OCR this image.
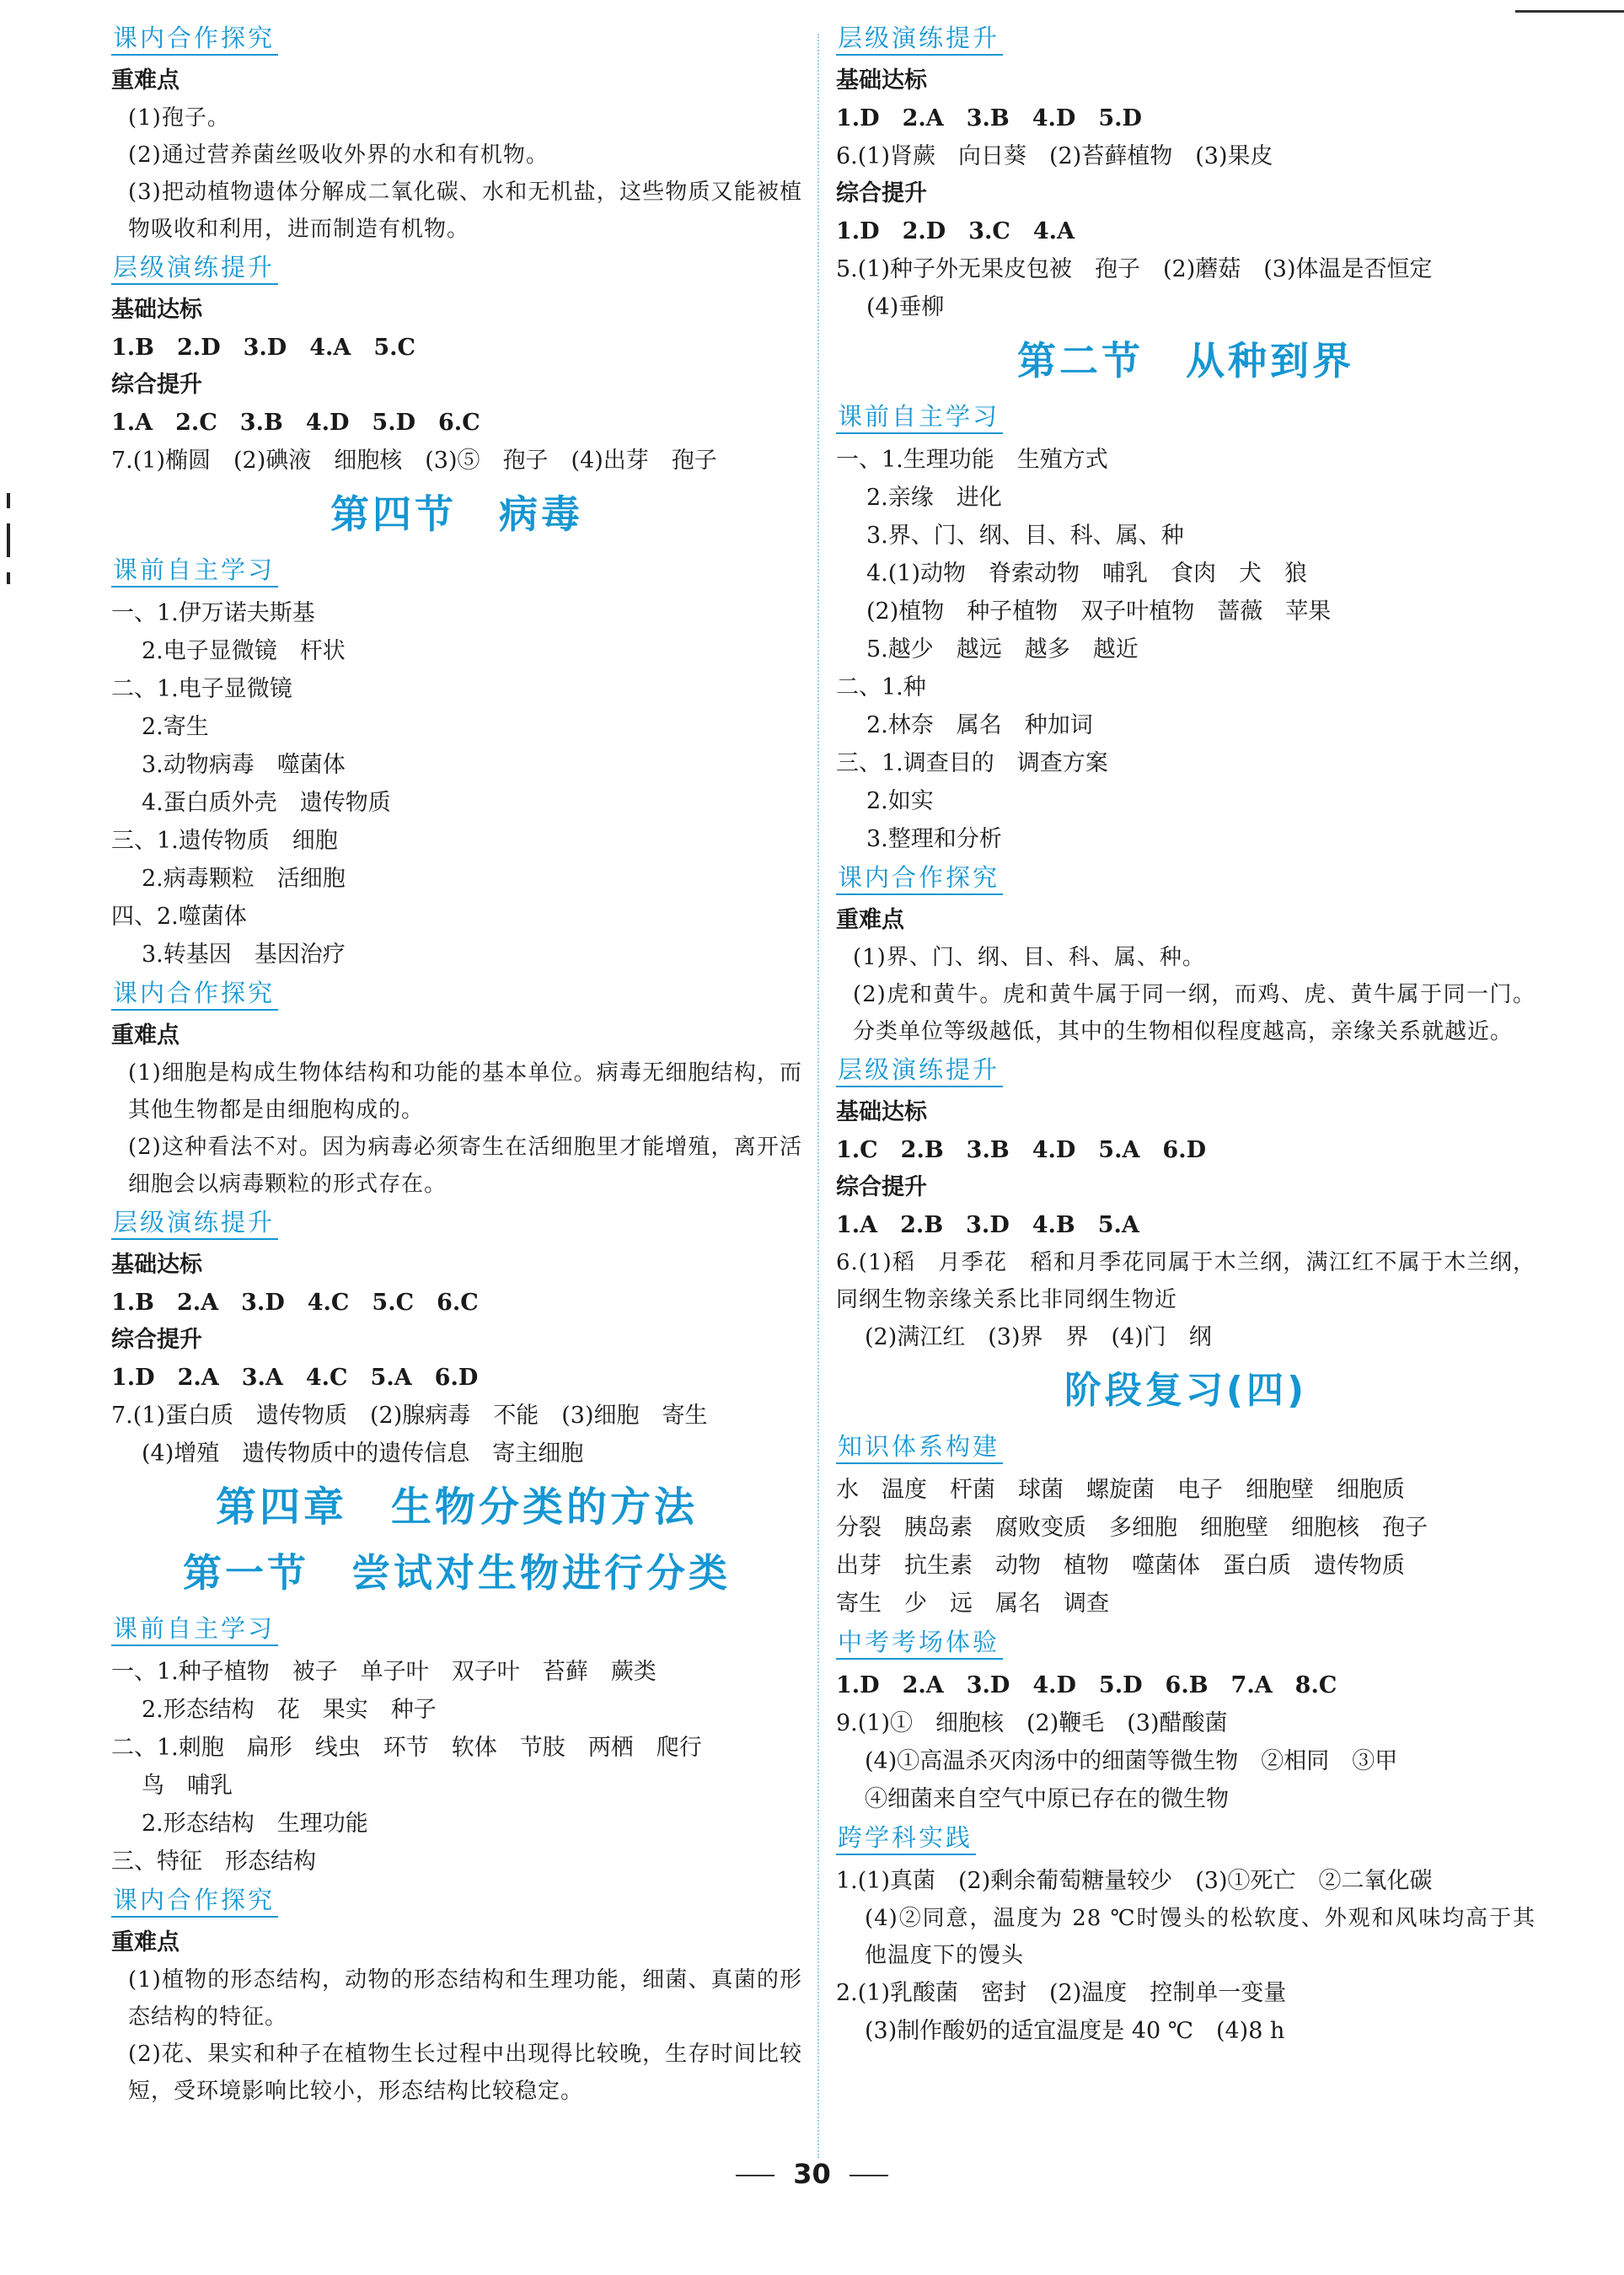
课内合作探究
重难点

(1)孢子。

(2)通过营养菌丝吸收外界的水和有机物。

(3)把动植物遗体分解成二氧化碳、水和无机盐，这些物质又能被植物吸收和利用，进而制造有机物。

层级演练提升
基础达标
1.B　2.D　3.D　4.A　5.C
综合提升
1.A　2.C　3.B　4.D　5.D　6.C
7.(1)椭圆　(2)碘液　细胞核　(3)⑤　孢子　(4)出芽　孢子
第四节　病毒
课前自主学习
一、1.伊万诺夫斯基
2.电子显微镜　杆状
二、1.电子显微镜
2.寄生
3.动物病毒　噬菌体
4.蛋白质外壳　遗传物质
三、1.遗传物质　细胞
2.病毒颗粒　活细胞
四、2.噬菌体
3.转基因　基因治疗
课内合作探究
重难点

(1)细胞是构成生物体结构和功能的基本单位。病毒无细胞结构，而其他生物都是由细胞构成的。

(2)这种看法不对。因为病毒必须寄生在活细胞里才能增殖，离开活细胞会以病毒颗粒的形式存在。

层级演练提升
基础达标
1.B　2.A　3.D　4.C　5.C　6.C
综合提升
1.D　2.A　3.A　4.C　5.A　6.D
7.(1)蛋白质　遗传物质　(2)腺病毒　不能　(3)细胞　寄生
(4)增殖　遗传物质中的遗传信息　寄主细胞
第四章　生物分类的方法
第一节　尝试对生物进行分类
课前自主学习
一、1.种子植物　被子　单子叶　双子叶　苔藓　蕨类
2.形态结构　花　果实　种子
二、1.刺胞　扁形　线虫　环节　软体　节肢　两栖　爬行
鸟　哺乳
2.形态结构　生理功能
三、特征　形态结构
课内合作探究
重难点

(1)植物的形态结构，动物的形态结构和生理功能，细菌、真菌的形态结构的特征。

(2)花、果实和种子在植物生长过程中出现得比较晚，生存时间比较短，受环境影响比较小，形态结构比较稳定。

层级演练提升
基础达标
1.D　2.A　3.B　4.D　5.D
6.(1)肾蕨　向日葵　(2)苔藓植物　(3)果皮
综合提升
1.D　2.D　3.C　4.A
5.(1)种子外无果皮包被　孢子　(2)蘑菇　(3)体温是否恒定
(4)垂柳
第二节　从种到界
课前自主学习
一、1.生理功能　生殖方式
2.亲缘　进化
3.界、门、纲、目、科、属、种
4.(1)动物　脊索动物　哺乳　食肉　犬　狼
(2)植物　种子植物　双子叶植物　蔷薇　苹果
5.越少　越远　越多　越近
二、1.种
2.林奈　属名　种加词
三、1.调查目的　调查方案
2.如实
3.整理和分析
课内合作探究
重难点

(1)界、门、纲、目、科、属、种。

(2)虎和黄牛。虎和黄牛属于同一纲，而鸡、虎、黄牛属于同一门。分类单位等级越低，其中的生物相似程度越高，亲缘关系就越近。

层级演练提升
基础达标
1.C　2.B　3.B　4.D　5.A　6.D
综合提升
1.A　2.B　3.D　4.B　5.A

6.(1)稻　月季花　稻和月季花同属于木兰纲，满江红不属于木兰纲，同纲生物亲缘关系比非同纲生物近

(2)满江红　(3)界　界　(4)门　纲
阶段复习(四)
知识体系构建
水　温度　杆菌　球菌　螺旋菌　电子　细胞壁　细胞质
分裂　胰岛素　腐败变质　多细胞　细胞壁　细胞核　孢子
出芽　抗生素　动物　植物　噬菌体　蛋白质　遗传物质
寄生　少　远　属名　调查
中考考场体验
1.D　2.A　3.D　4.D　5.D　6.B　7.A　8.C
9.(1)①　细胞核　(2)鞭毛　(3)醋酸菌
(4)①高温杀灭肉汤中的细菌等微生物　②相同　③甲
④细菌来自空气中原已存在的微生物
跨学科实践
1.(1)真菌　(2)剩余葡萄糖量较少　(3)①死亡　②二氧化碳

(4)②同意，温度为 28 ℃时馒头的松软度、外观和风味均高于其他温度下的馒头

2.(1)乳酸菌　密封　(2)温度　控制单一变量
(3)制作酸奶的适宜温度是 40 ℃　(4)8 h
30
